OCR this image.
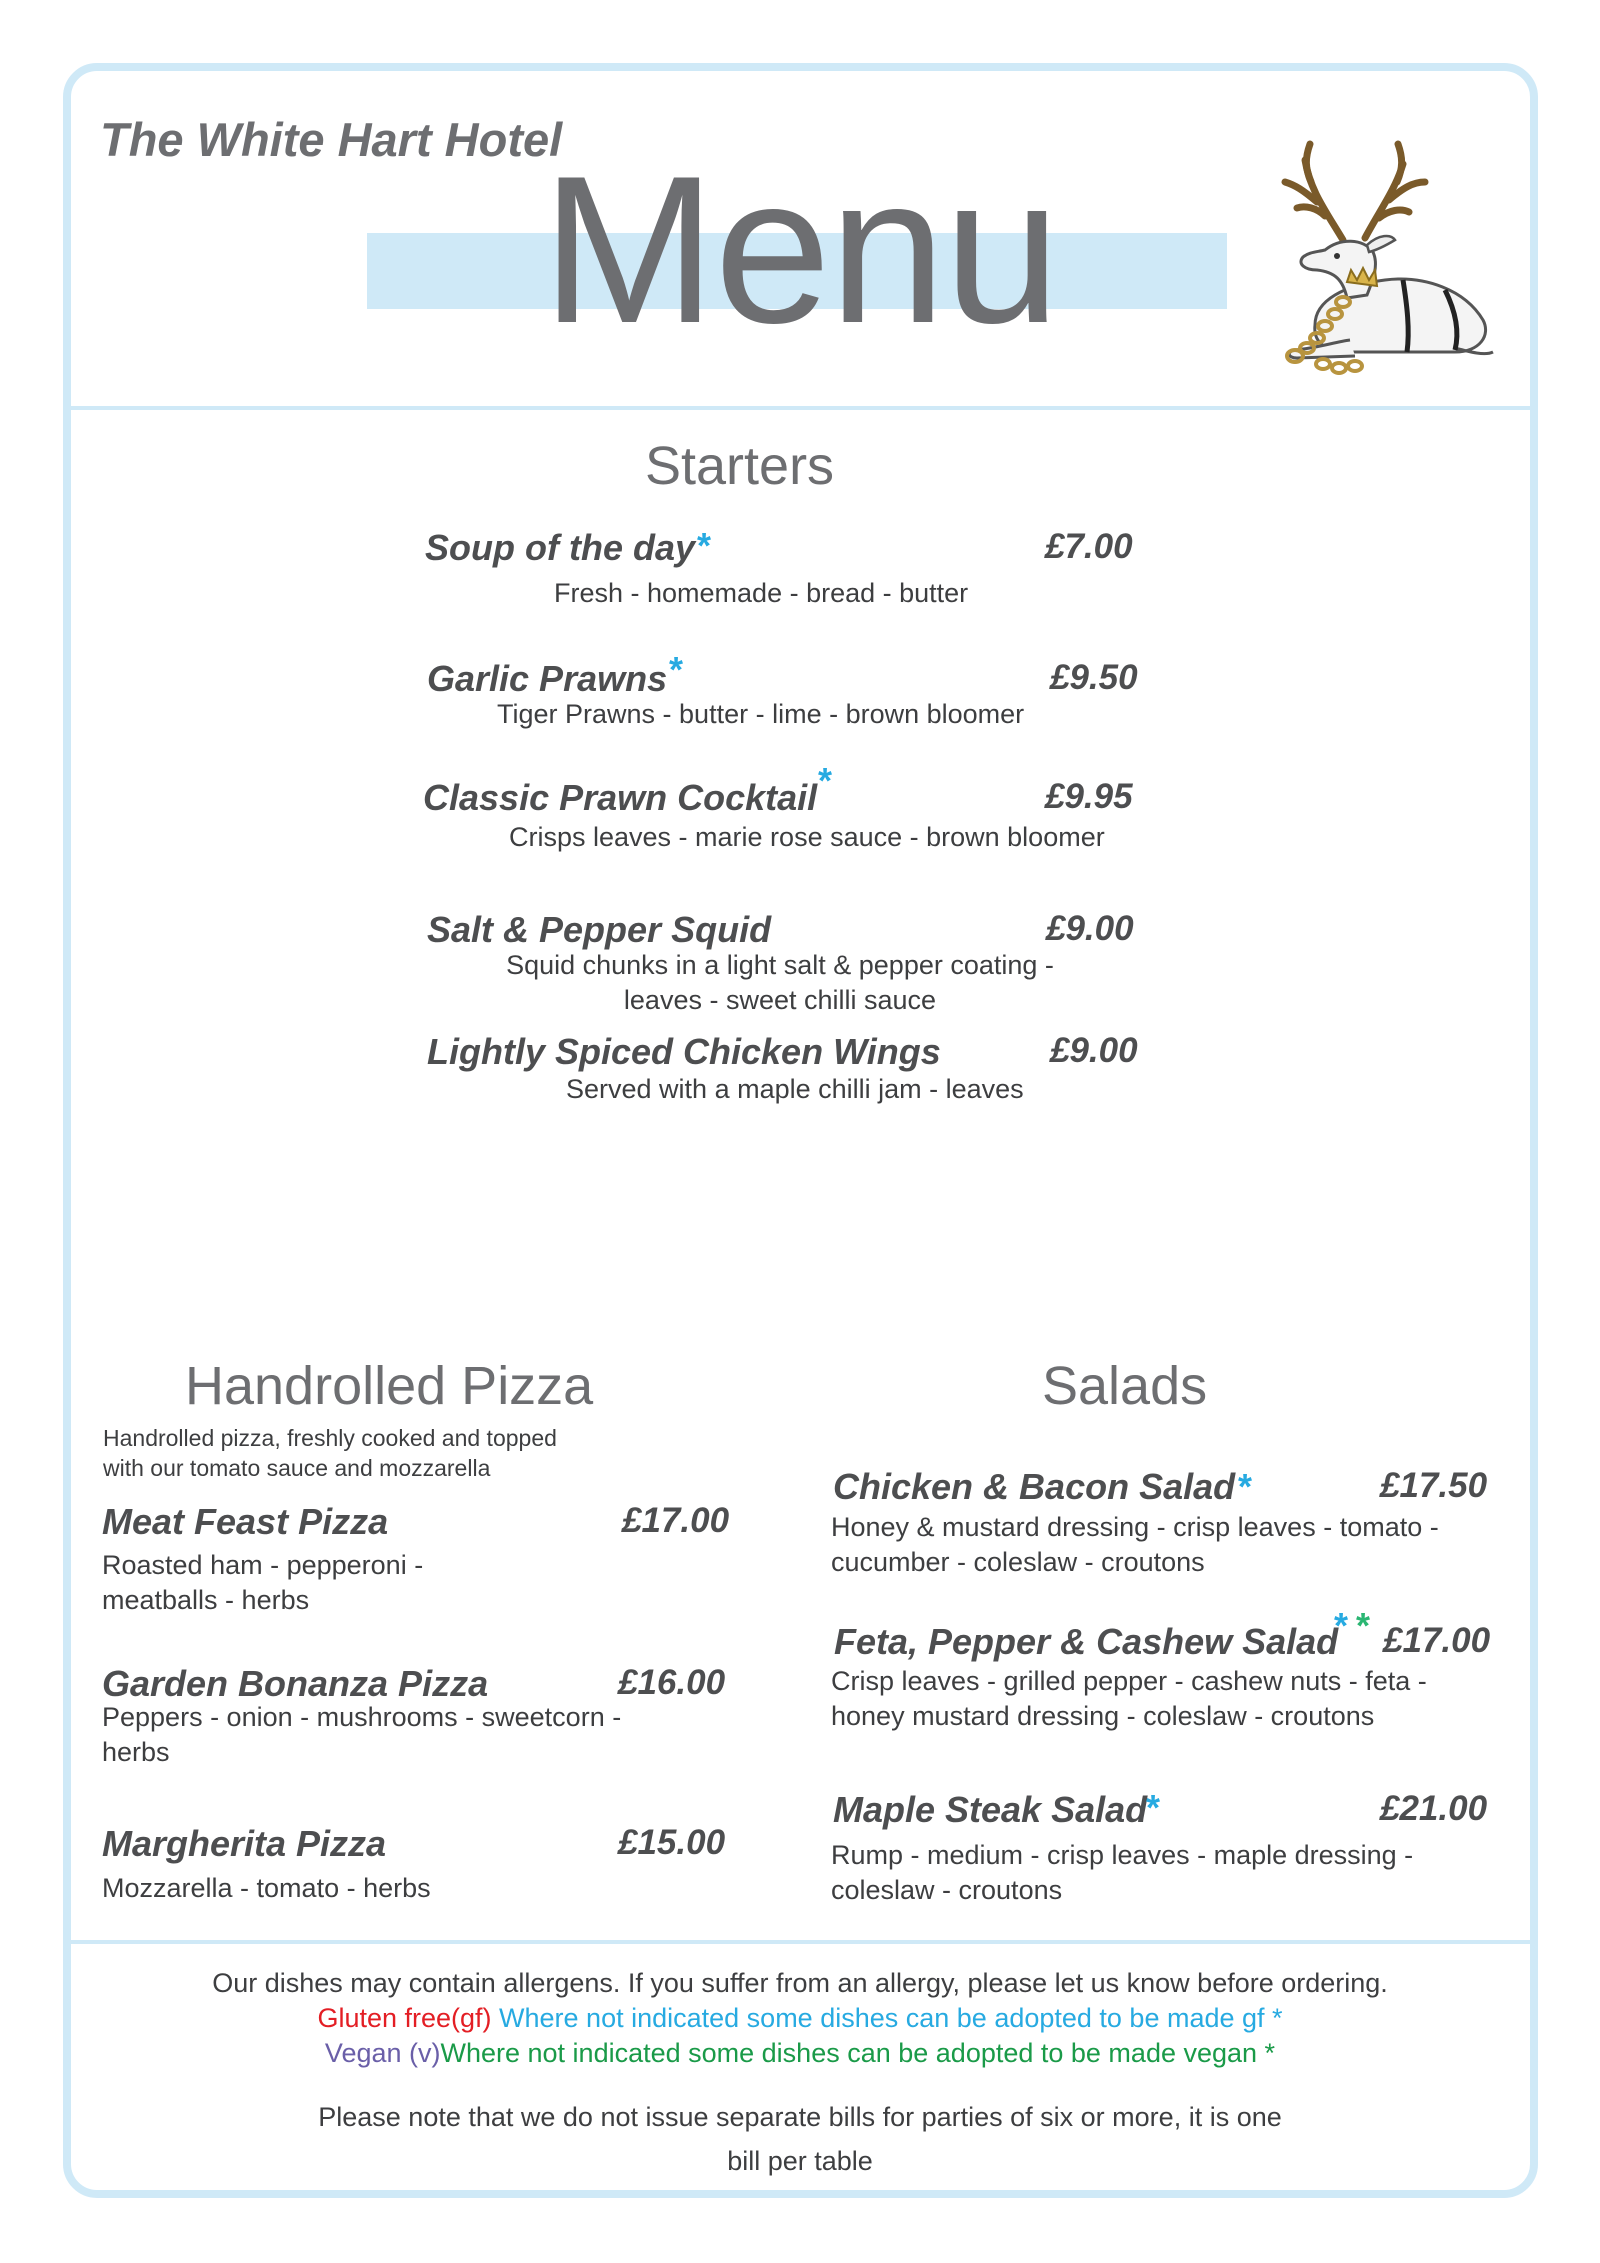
The White Hart Hotel
Menu
Starters
Soup of the day *	£7.00
Fresh - homemade - bread - butter
Garlic Prawns *	£9.50
Tiger Prawns - butter - lime - brown bloomer
Classic Prawn Cocktail *	£9.95
Crisps leaves - marie rose sauce - brown bloomer
Salt & Pepper Squid	£9.00
Squid chunks in a light salt & pepper coating -
leaves - sweet chilli sauce
Lightly Spiced Chicken Wings	£9.00
Served with a maple chilli jam - leaves
Handrolled Pizza
Handrolled pizza, freshly cooked and topped
with our tomato sauce and mozzarella
Meat Feast Pizza	£17.00
Roasted ham - pepperoni -
meatballs - herbs
Garden Bonanza Pizza	£16.00
Peppers - onion - mushrooms - sweetcorn -
herbs
Margherita Pizza	£15.00
Mozzarella - tomato - herbs
Salads
Chicken & Bacon Salad *	£17.50
Honey & mustard dressing - crisp leaves - tomato -
cucumber - coleslaw - croutons
Feta, Pepper & Cashew Salad
* * £17.00
Crisp leaves - grilled pepper - cashew nuts - feta -
honey mustard dressing - coleslaw - croutons
Maple Steak Salad
*	£21.00
Rump - medium - crisp leaves - maple dressing -
coleslaw - croutons
Our dishes may contain allergens. If you suffer from an allergy, please let us know before ordering.
Gluten free(gf) Where not indicated some dishes can be adopted to be made gf *
Vegan (v)Where not indicated some dishes can be adopted to be made vegan *
Please note that we do not issue separate bills for parties of six or more, it is one
bill per table
